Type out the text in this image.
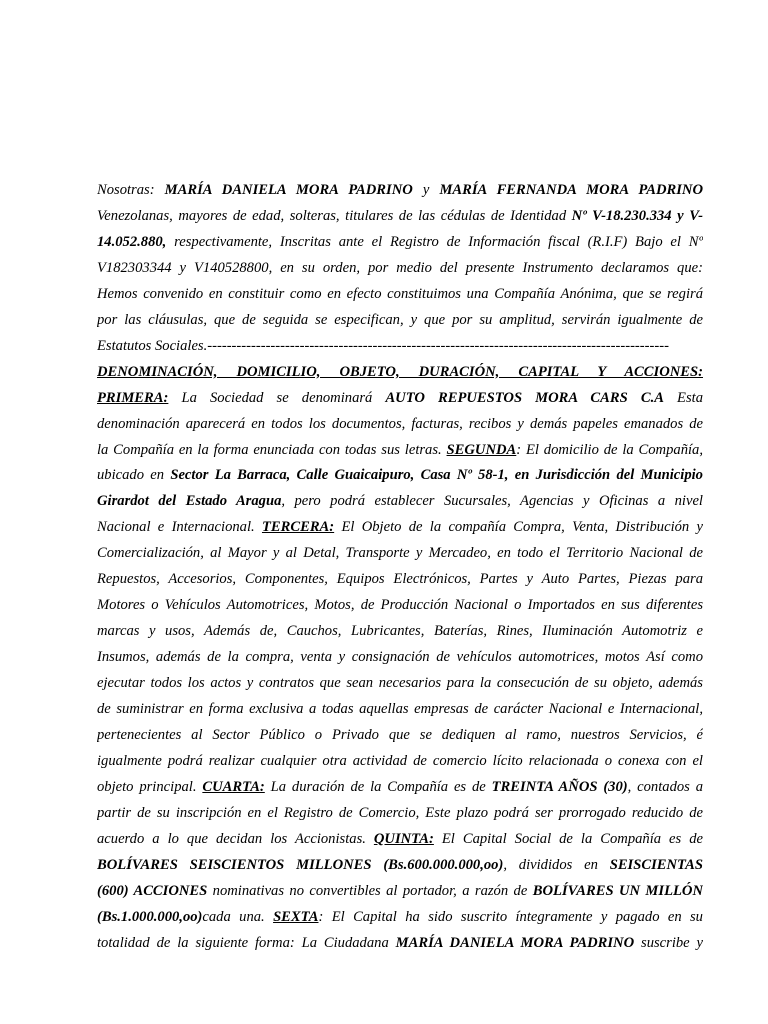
Nosotras: MARÍA DANIELA MORA PADRINO y MARÍA FERNANDA MORA PADRINO
Venezolanas, mayores de edad, solteras, titulares de las cédulas de Identidad Nº V-18.230.334 y V-
14.052.880, respectivamente, Inscritas ante el Registro de Información fiscal (R.I.F) Bajo el Nº
V182303344 y V140528800, en su orden, por medio del presente Instrumento declaramos que:
Hemos convenido en constituir como en efecto constituimos una Compañía Anónima, que se regirá
por las cláusulas, que de seguida se especifican, y que por su amplitud, servirán igualmente de
Estatutos Sociales.-----------------------------------------------------------------------------------------------
DENOMINACIÓN, DOMICILIO, OBJETO, DURACIÓN, CAPITAL Y ACCIONES:
PRIMERA: La Sociedad se denominará AUTO REPUESTOS MORA CARS C.A Esta
denominación aparecerá en todos los documentos, facturas, recibos y demás papeles emanados de
la Compañía en la forma enunciada con todas sus letras. SEGUNDA: El domicilio de la Compañía,
ubicado en Sector La Barraca, Calle Guaicaipuro, Casa Nº 58-1, en Jurisdicción del Municipio
Girardot del Estado Aragua, pero podrá establecer Sucursales, Agencias y Oficinas a nivel
Nacional e Internacional. TERCERA: El Objeto de la compañía Compra, Venta, Distribución y
Comercialización, al Mayor y al Detal, Transporte y Mercadeo, en todo el Territorio Nacional de
Repuestos, Accesorios, Componentes, Equipos Electrónicos, Partes y Auto Partes, Piezas para
Motores o Vehículos Automotrices, Motos, de Producción Nacional o Importados en sus diferentes
marcas y usos, Además de, Cauchos, Lubricantes, Baterías, Rines, Iluminación Automotriz e
Insumos, además de la compra, venta y consignación de vehículos automotrices, motos Así como
ejecutar todos los actos y contratos que sean necesarios para la consecución de su objeto, además
de suministrar en forma exclusiva a todas aquellas empresas de carácter Nacional e Internacional,
pertenecientes al Sector Público o Privado que se dediquen al ramo, nuestros Servicios, é
igualmente podrá realizar cualquier otra actividad de comercio lícito relacionada o conexa con el
objeto principal. CUARTA: La duración de la Compañía es de TREINTA AÑOS (30), contados a
partir de su inscripción en el Registro de Comercio, Este plazo podrá ser prorrogado reducido de
acuerdo a lo que decidan los Accionistas. QUINTA: El Capital Social de la Compañía es de
BOLÍVARES SEISCIENTOS MILLONES (Bs.600.000.000,oo), divididos en SEISCIENTAS
(600) ACCIONES nominativas no convertibles al portador, a razón de BOLÍVARES UN MILLÓN
(Bs.1.000.000,oo)cada una. SEXTA: El Capital ha sido suscrito íntegramente y pagado en su
totalidad de la siguiente forma: La Ciudadana MARÍA DANIELA MORA PADRINO suscribe y
